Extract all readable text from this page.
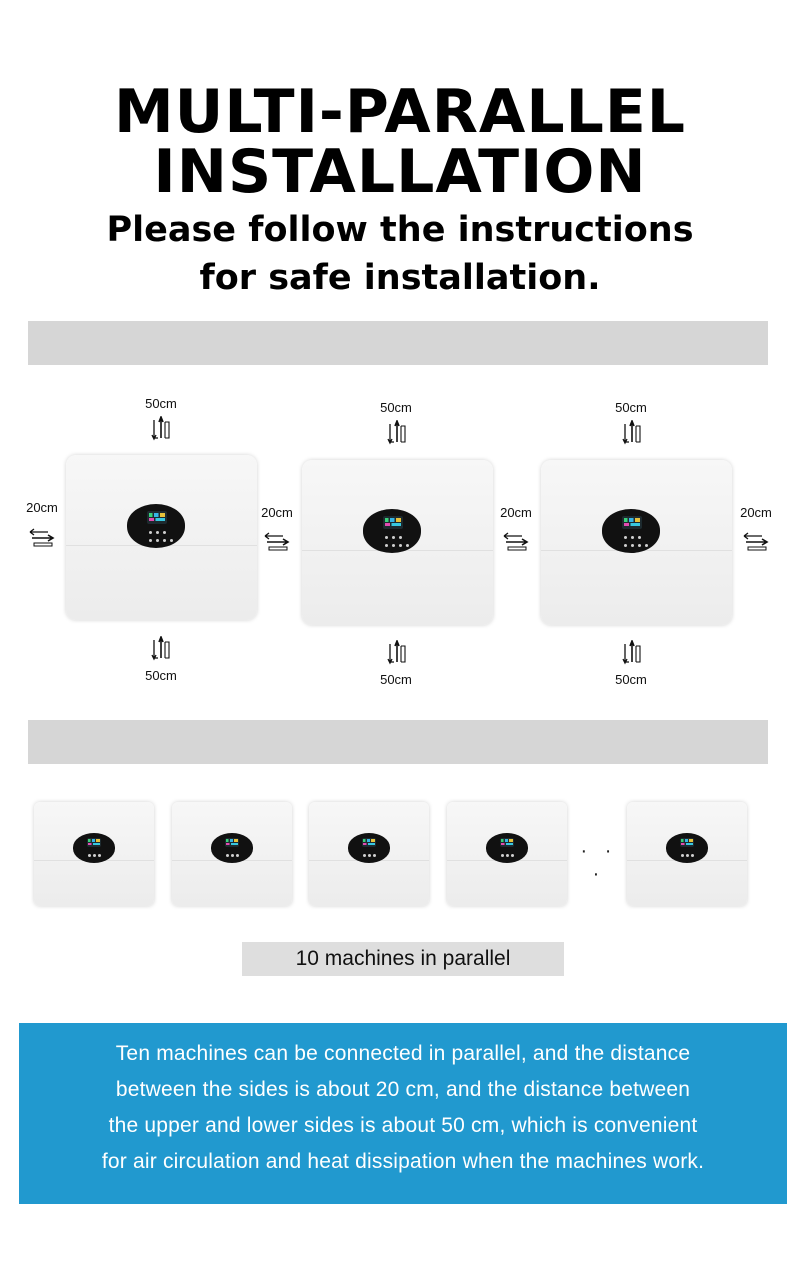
MULTI-PARALLEL
INSTALLATION
Please follow the instructions
for safe installation.
50cm	50cm	50cm
50cm	50cm	50cm
20cm	20cm	20cm	20cm
· · ·
10 machines in parallel
Ten machines can be connected in parallel, and the distance
between the sides is about 20 cm, and the distance between
the upper and lower sides is about 50 cm, which is convenient
for air circulation and heat dissipation when the machines work.
